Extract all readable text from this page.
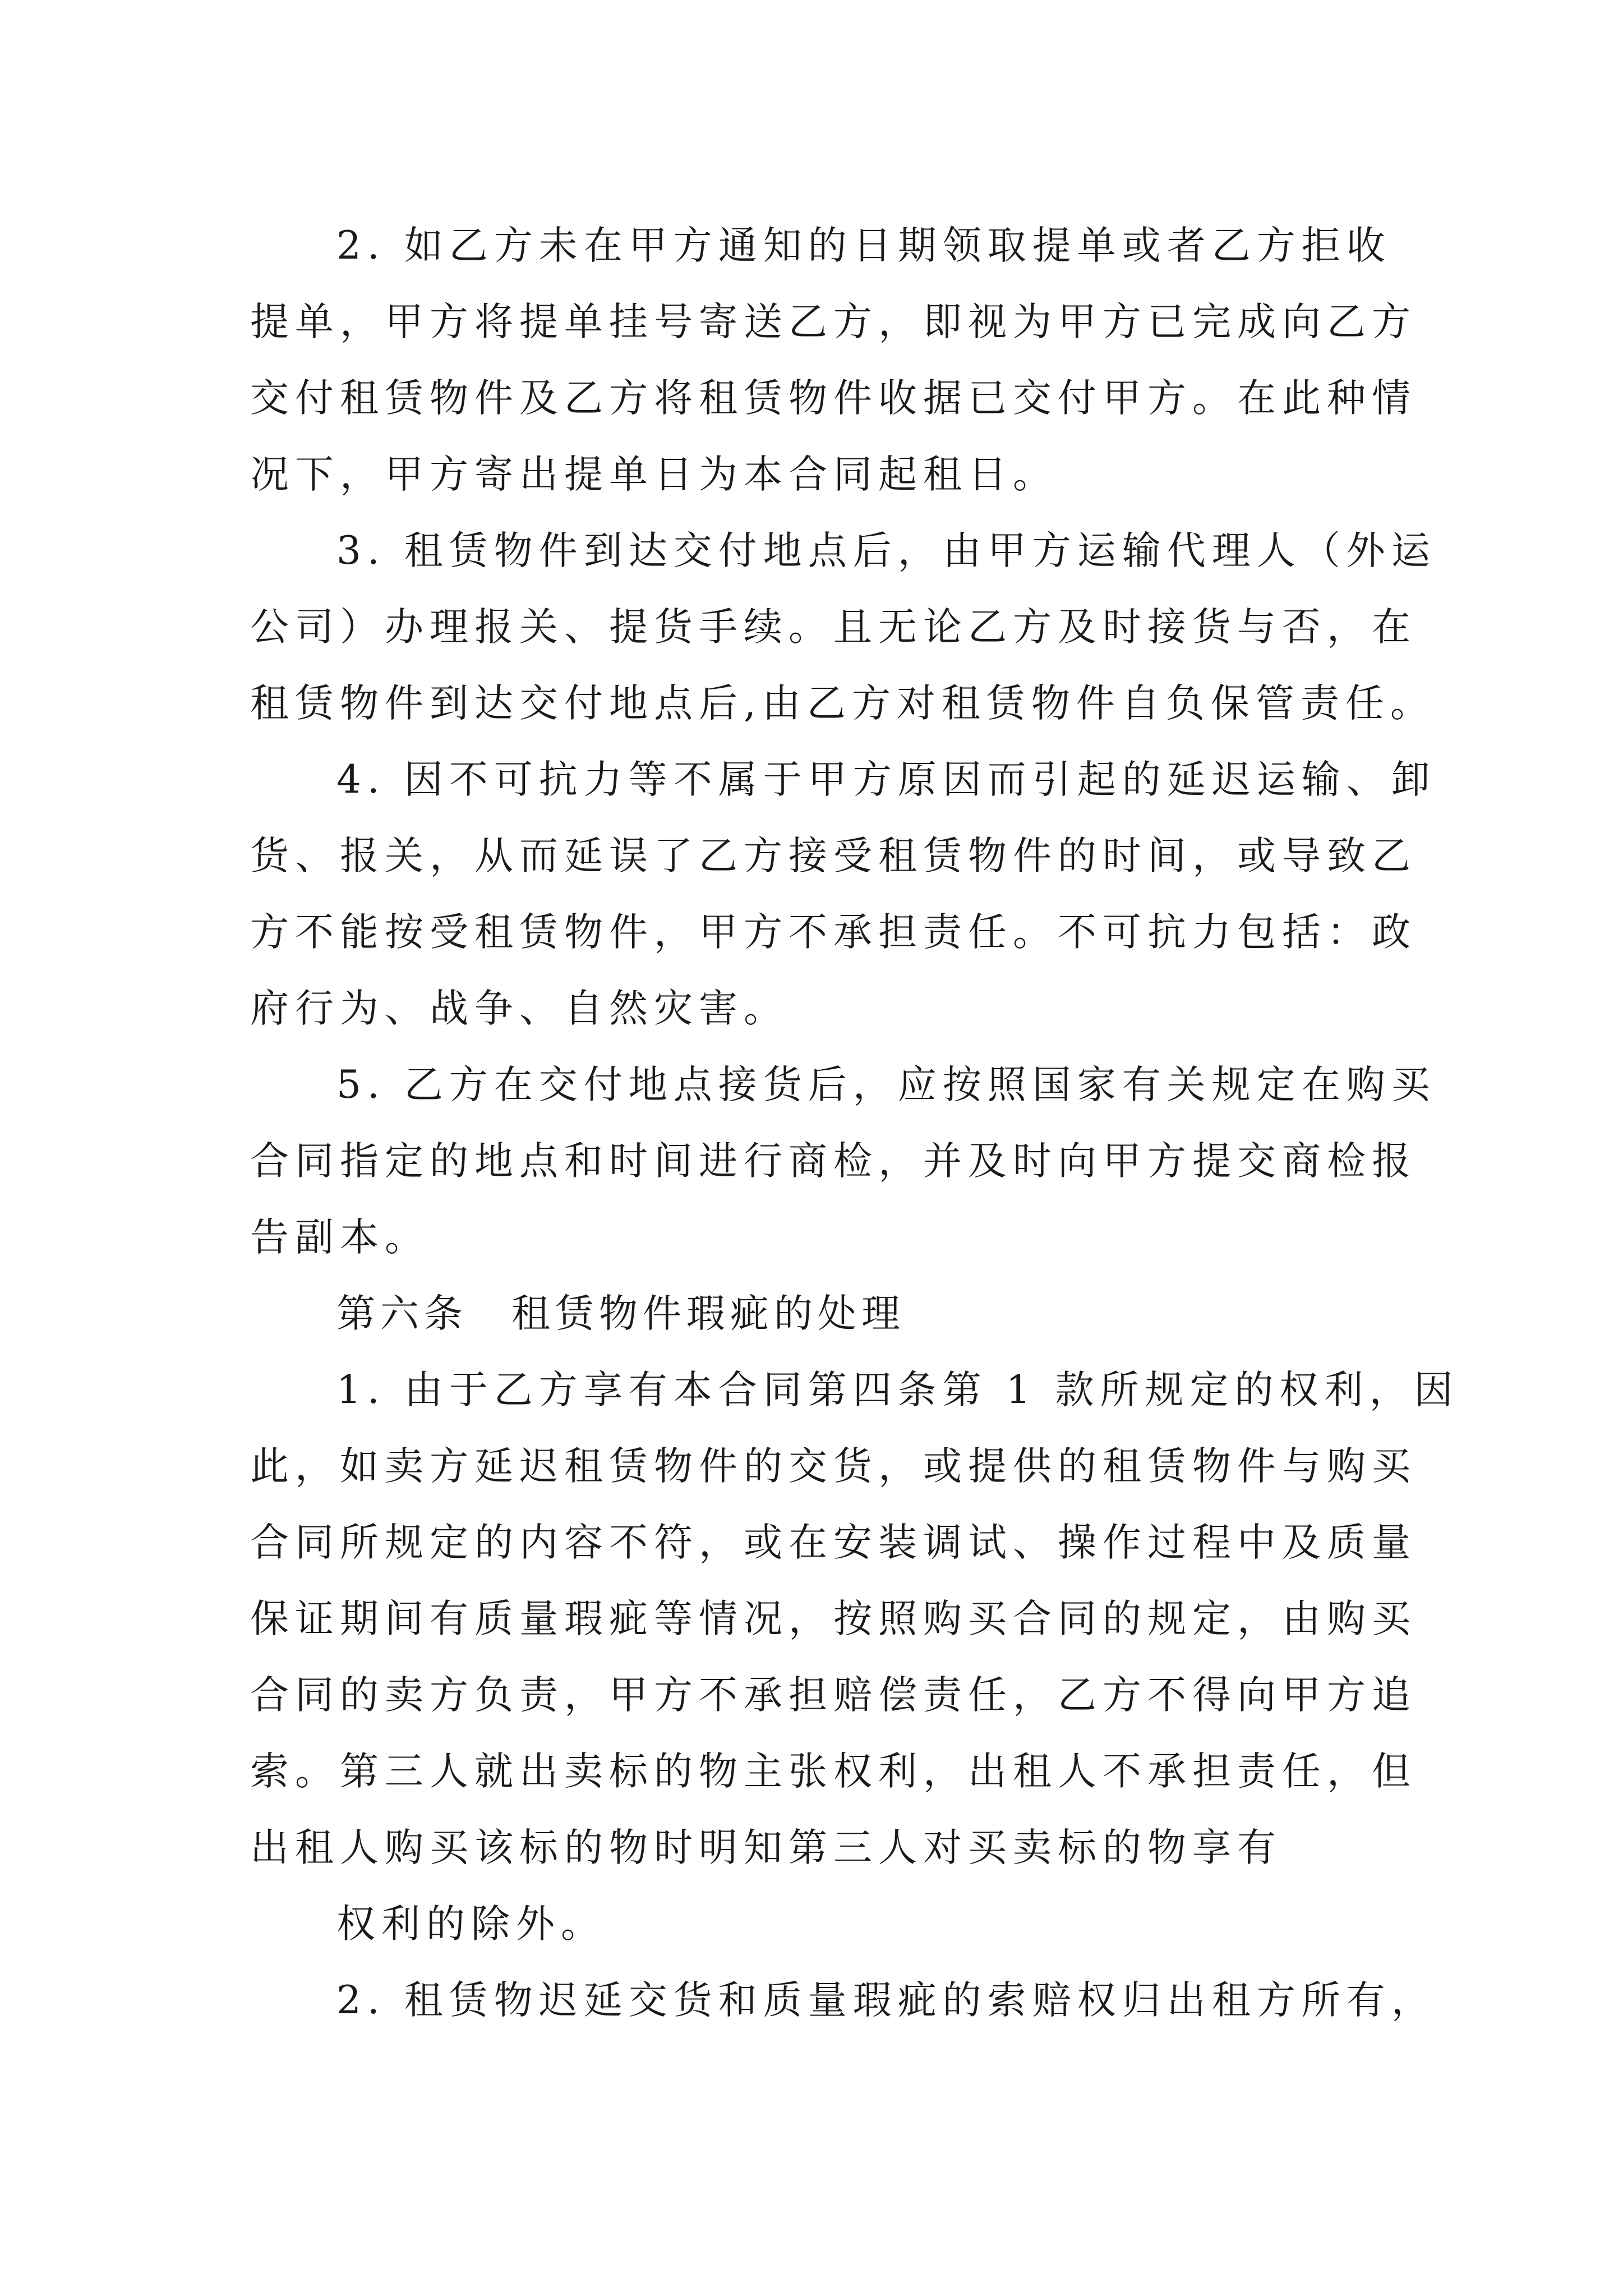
2. 如乙方未在甲方通知的日期领取提单或者乙方拒收
提单，甲方将提单挂号寄送乙方，即视为甲方已完成向乙方
交付租赁物件及乙方将租赁物件收据已交付甲方。在此种情
况下，甲方寄出提单日为本合同起租日。
3. 租赁物件到达交付地点后，由甲方运输代理人（外运
公司）办理报关、提货手续。且无论乙方及时接货与否，在
租赁物件到达交付地点后,由乙方对租赁物件自负保管责任。
4. 因不可抗力等不属于甲方原因而引起的延迟运输、卸
货、报关，从而延误了乙方接受租赁物件的时间，或导致乙
方不能按受租赁物件，甲方不承担责任。不可抗力包括：政
府行为、战争、自然灾害。
5. 乙方在交付地点接货后，应按照国家有关规定在购买
合同指定的地点和时间进行商检，并及时向甲方提交商检报
告副本。
第六条　租赁物件瑕疵的处理
1. 由于乙方享有本合同第四条第 1 款所规定的权利，因
此，如卖方延迟租赁物件的交货，或提供的租赁物件与购买
合同所规定的内容不符，或在安装调试、操作过程中及质量
保证期间有质量瑕疵等情况，按照购买合同的规定，由购买
合同的卖方负责，甲方不承担赔偿责任，乙方不得向甲方追
索。第三人就出卖标的物主张权利，出租人不承担责任，但
出租人购买该标的物时明知第三人对买卖标的物享有
权利的除外。
2. 租赁物迟延交货和质量瑕疵的索赔权归出租方所有，
